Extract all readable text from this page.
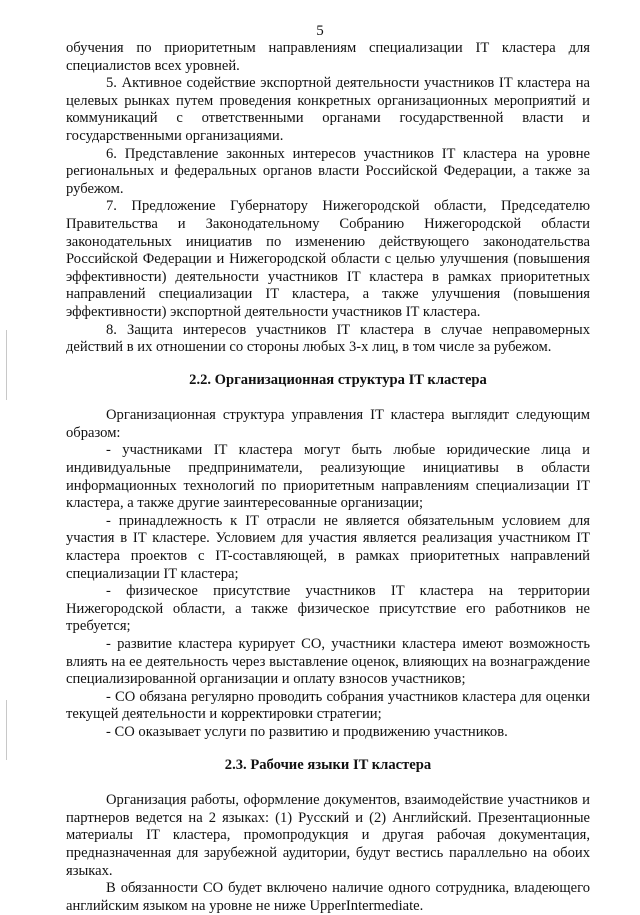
5

обучения по приоритетным направлениям специализации IT кластера для специалистов всех уровней.

5. Активное содействие экспортной деятельности участников IT кластера на целевых рынках путем проведения конкретных организационных мероприятий и коммуникаций с ответственными органами государственной власти и государственными организациями.

6. Представление законных интересов участников IT кластера на уровне региональных и федеральных органов власти Российской Федерации, а также за рубежом.

7. Предложение Губернатору Нижегородской области, Председателю Правительства и Законодательному Собранию Нижегородской области законодательных инициатив по изменению действующего законодательства Российской Федерации и Нижегородской области с целью улучшения (повышения эффективности) деятельности участников IT кластера в рамках приоритетных направлений специализации IT кластера, а также улучшения (повышения эффективности) экспортной деятельности участников IT кластера.

8. Защита интересов участников IT кластера в случае неправомерных действий в их отношении со стороны любых 3-х лиц, в том числе за рубежом.

2.2. Организационная структура IT кластера

Организационная структура управления IT кластера выглядит следующим образом:

- участниками IT кластера могут быть любые юридические лица и индивидуальные предприниматели, реализующие инициативы в области информационных технологий по приоритетным направлениям специализации IT кластера, а также другие заинтересованные организации;

- принадлежность к IT отрасли не является обязательным условием для участия в IT кластере. Условием для участия является реализация участником IT кластера проектов с IT-составляющей, в рамках приоритетных направлений специализации IT кластера;

- физическое присутствие участников IT кластера на территории Нижегородской области, а также физическое присутствие его работников не требуется;

- развитие кластера курирует СО, участники кластера имеют возможность влиять на ее деятельность через выставление оценок, влияющих на вознаграждение специализированной организации и оплату взносов участников;

- СО обязана регулярно проводить собрания участников кластера для оценки текущей деятельности и корректировки стратегии;

- СО оказывает услуги по развитию и продвижению участников.

2.3. Рабочие языки IT кластера

Организация работы, оформление документов, взаимодействие участников и партнеров ведется на 2 языках: (1) Русский и (2) Английский. Презентационные материалы IT кластера, промопродукция и другая рабочая документация, предназначенная для зарубежной аудитории, будут вестись параллельно на обоих языках.

В обязанности СО будет включено наличие одного сотрудника, владеющего английским языком на уровне не ниже UpperIntermediate.
